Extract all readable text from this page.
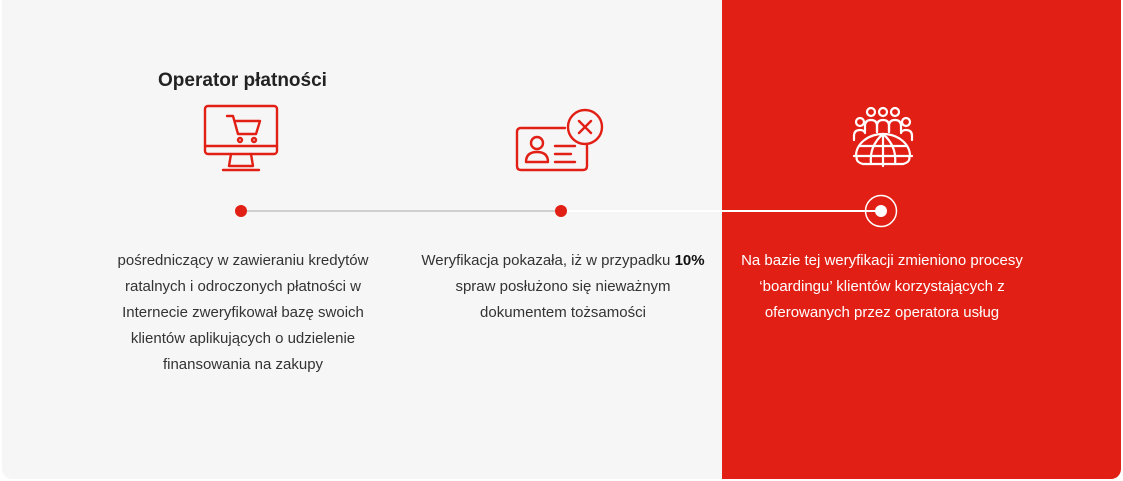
Operator płatności
pośredniczący w zawieraniu kredytów ratalnych i odroczonych płatności w Internecie zweryfikował bazę swoich klientów aplikujących o udzielenie finansowania na zakupy
Weryfikacja pokazała, iż w przypadku 10% spraw posłużono się nieważnym dokumentem tożsamości
Na bazie tej weryfikacji zmieniono procesy ‘boardingu’ klientów korzystających z oferowanych przez operatora usług
